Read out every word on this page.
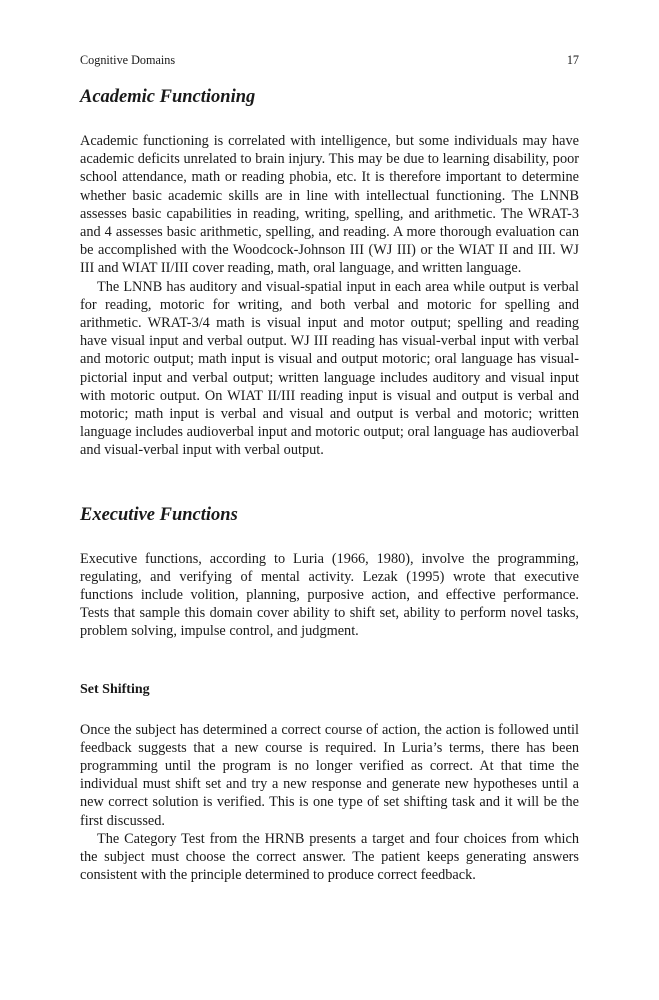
Cognitive Domains	17
Academic Functioning

Academic functioning is correlated with intelligence, but some individuals may have academic deficits unrelated to brain injury. This may be due to learning disability, poor school attendance, math or reading phobia, etc. It is therefore important to determine whether basic academic skills are in line with intellectual functioning. The LNNB assesses basic capabilities in reading, writing, spelling, and arithmetic. The WRAT-3 and 4 assesses basic arithmetic, spelling, and reading. A more thorough evaluation can be accomplished with the Woodcock-Johnson III (WJ III) or the WIAT II and III. WJ III and WIAT II/III cover reading, math, oral language, and written language.

The LNNB has auditory and visual-spatial input in each area while output is verbal for reading, motoric for writing, and both verbal and motoric for spelling and arithmetic. WRAT-3/4 math is visual input and motor output; spelling and reading have visual input and verbal output. WJ III reading has visual-verbal input with verbal and motoric output; math input is visual and output motoric; oral language has visual-pictorial input and verbal output; written language includes auditory and visual input with motoric output. On WIAT II/III reading input is visual and output is verbal and motoric; math input is verbal and visual and output is verbal and motoric; written language includes audioverbal input and motoric output; oral language has audioverbal and visual-verbal input with verbal output.

Executive Functions

Executive functions, according to Luria (1966, 1980), involve the programming, regulating, and verifying of mental activity. Lezak (1995) wrote that executive functions include volition, planning, purposive action, and effective performance. Tests that sample this domain cover ability to shift set, ability to perform novel tasks, problem solving, impulse control, and judgment.

Set Shifting

Once the subject has determined a correct course of action, the action is followed until feedback suggests that a new course is required. In Luria’s terms, there has been programming until the program is no longer verified as correct. At that time the individual must shift set and try a new response and generate new hypotheses until a new correct solution is verified. This is one type of set shifting task and it will be the first discussed.

The Category Test from the HRNB presents a target and four choices from which the subject must choose the correct answer. The patient keeps generating answers consistent with the principle determined to produce correct feedback.
